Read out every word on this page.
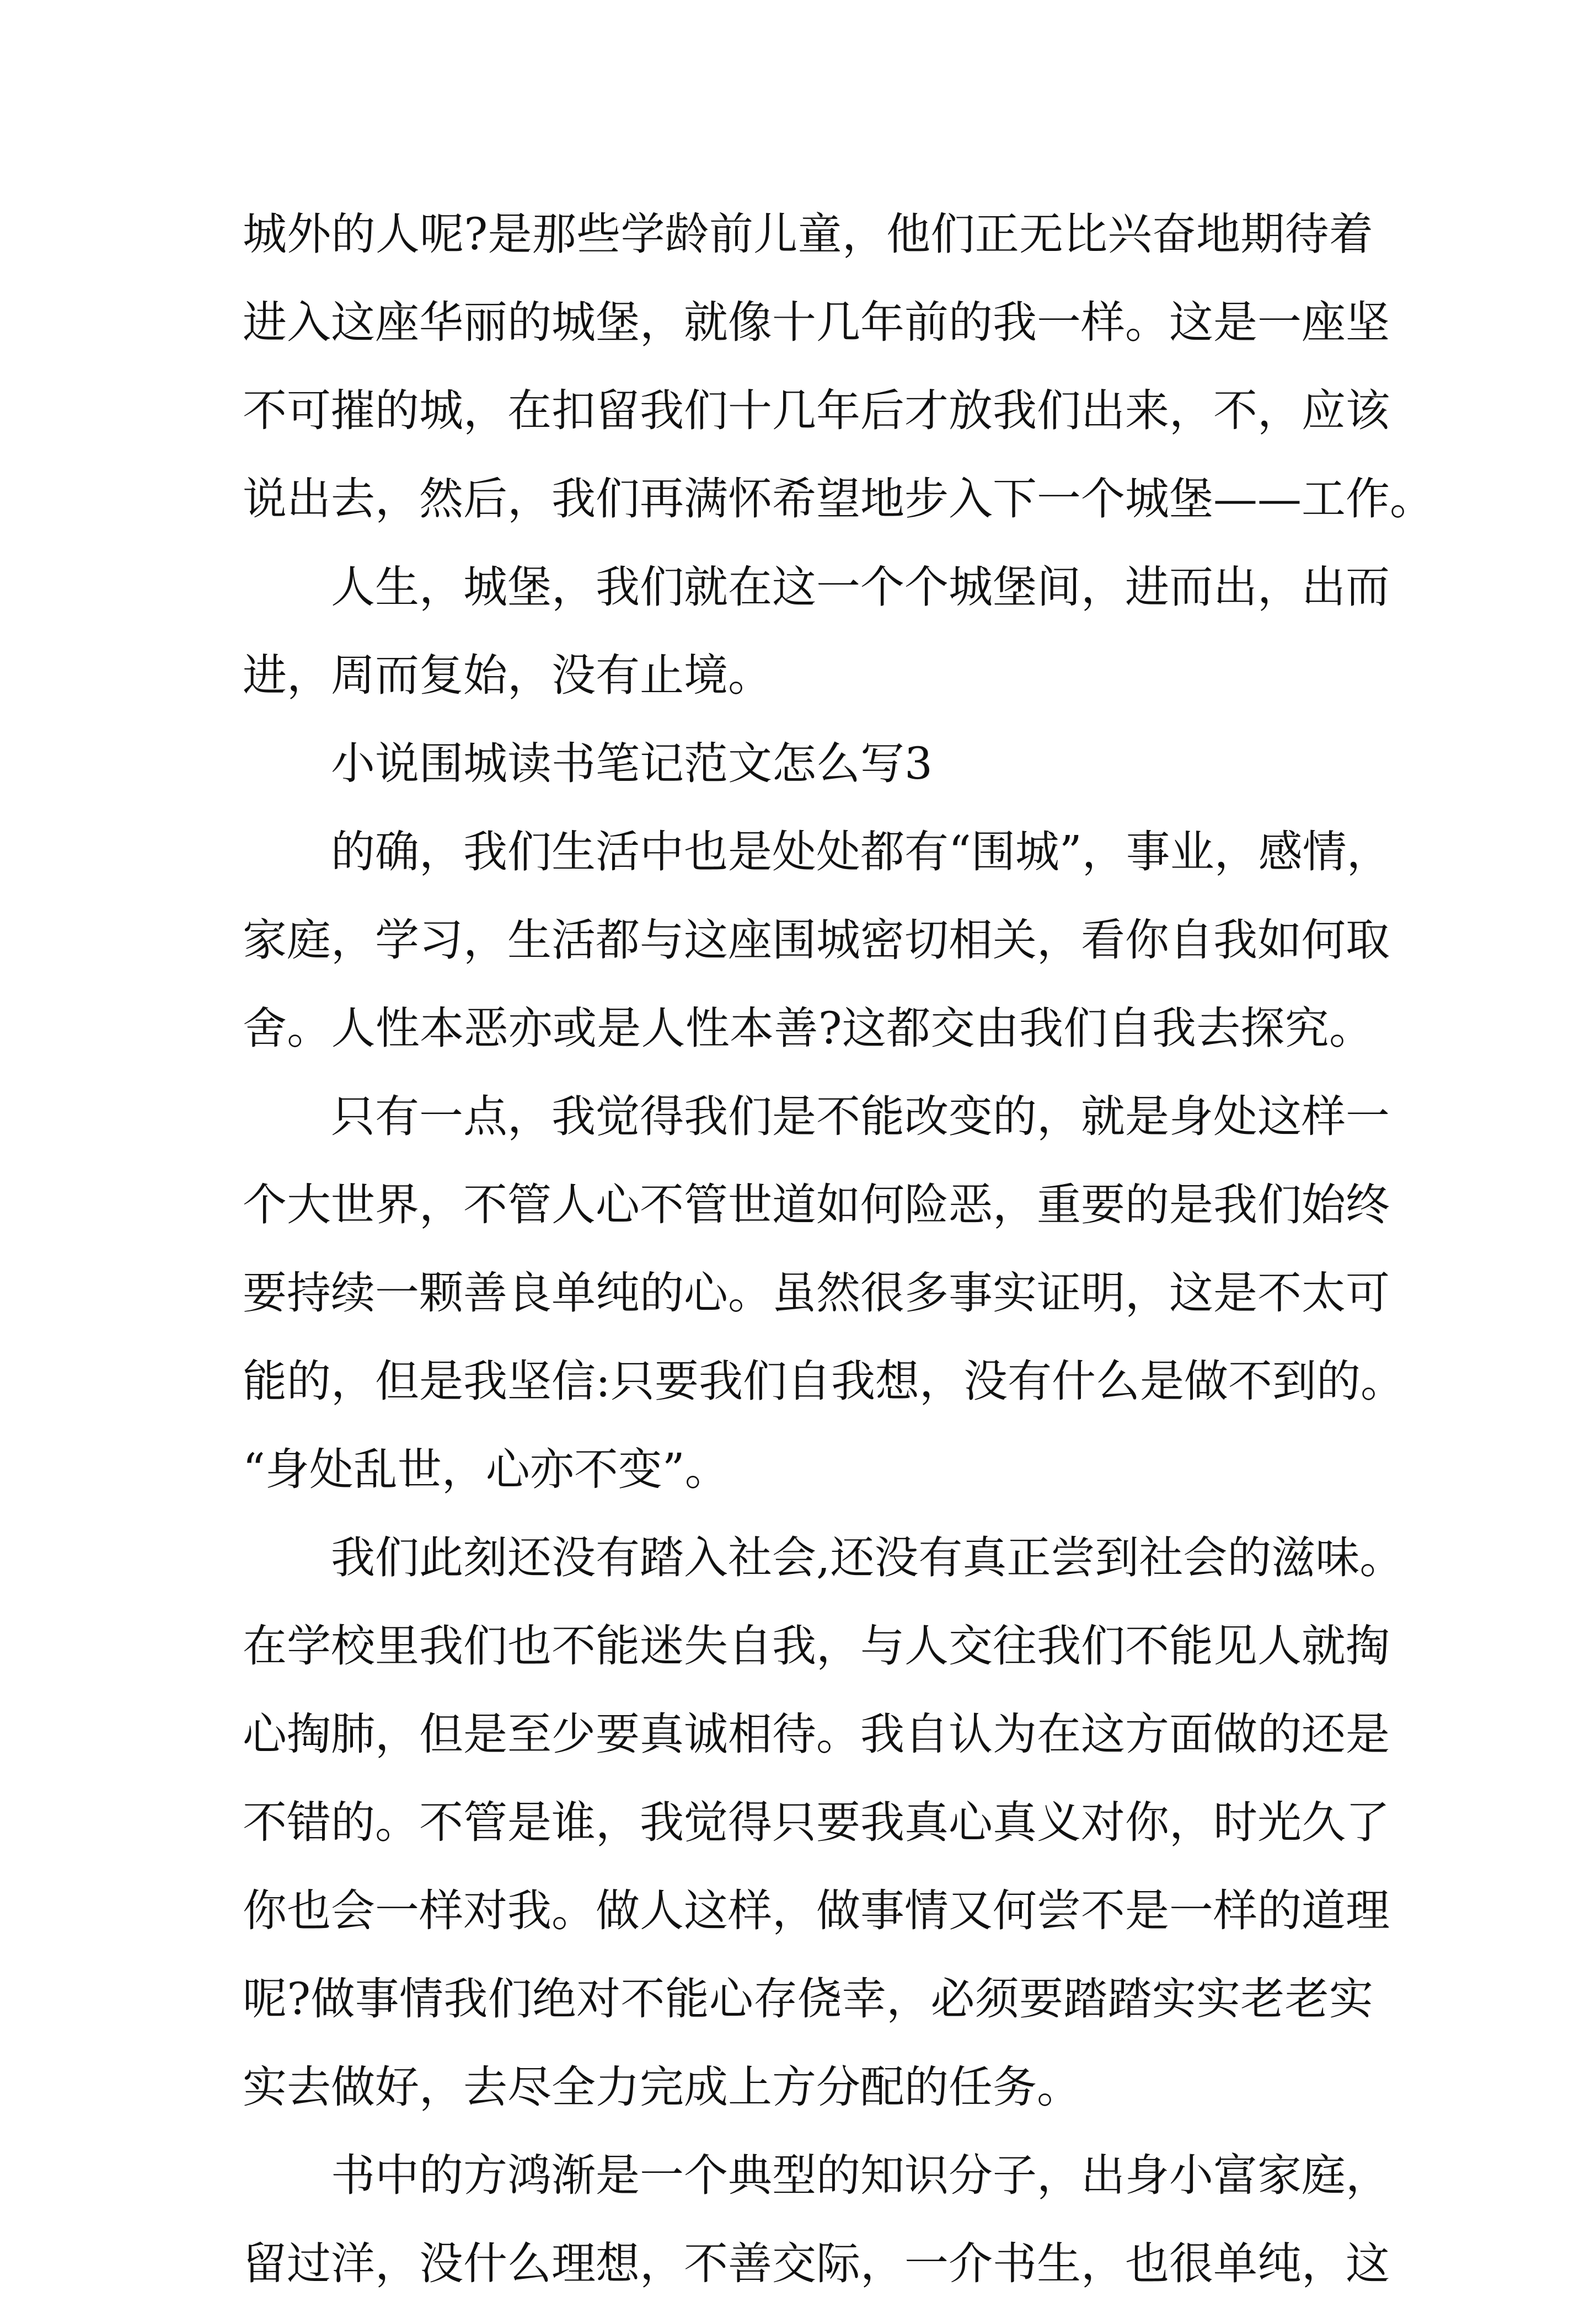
城外的人呢?是那些学龄前儿童，他们正无比兴奋地期待着
进入这座华丽的城堡，就像十几年前的我一样。这是一座坚
不可摧的城，在扣留我们十几年后才放我们出来，不，应该
说出去，然后，我们再满怀希望地步入下一个城堡——工作。
人生，城堡，我们就在这一个个城堡间，进而出，出而
进，周而复始，没有止境。
小说围城读书笔记范文怎么写3
的确，我们生活中也是处处都有“围城”，事业，感情，
家庭，学习，生活都与这座围城密切相关，看你自我如何取
舍。人性本恶亦或是人性本善?这都交由我们自我去探究。
只有一点，我觉得我们是不能改变的，就是身处这样一
个大世界，不管人心不管世道如何险恶，重要的是我们始终
要持续一颗善良单纯的心。虽然很多事实证明，这是不太可
能的，但是我坚信:只要我们自我想，没有什么是做不到的。
“身处乱世，心亦不变”。
我们此刻还没有踏入社会,还没有真正尝到社会的滋味。
在学校里我们也不能迷失自我，与人交往我们不能见人就掏
心掏肺，但是至少要真诚相待。我自认为在这方面做的还是
不错的。不管是谁，我觉得只要我真心真义对你，时光久了
你也会一样对我。做人这样，做事情又何尝不是一样的道理
呢?做事情我们绝对不能心存侥幸，必须要踏踏实实老老实
实去做好，去尽全力完成上方分配的任务。
书中的方鸿渐是一个典型的知识分子，出身小富家庭，
留过洋，没什么理想，不善交际，一介书生，也很单纯，这
